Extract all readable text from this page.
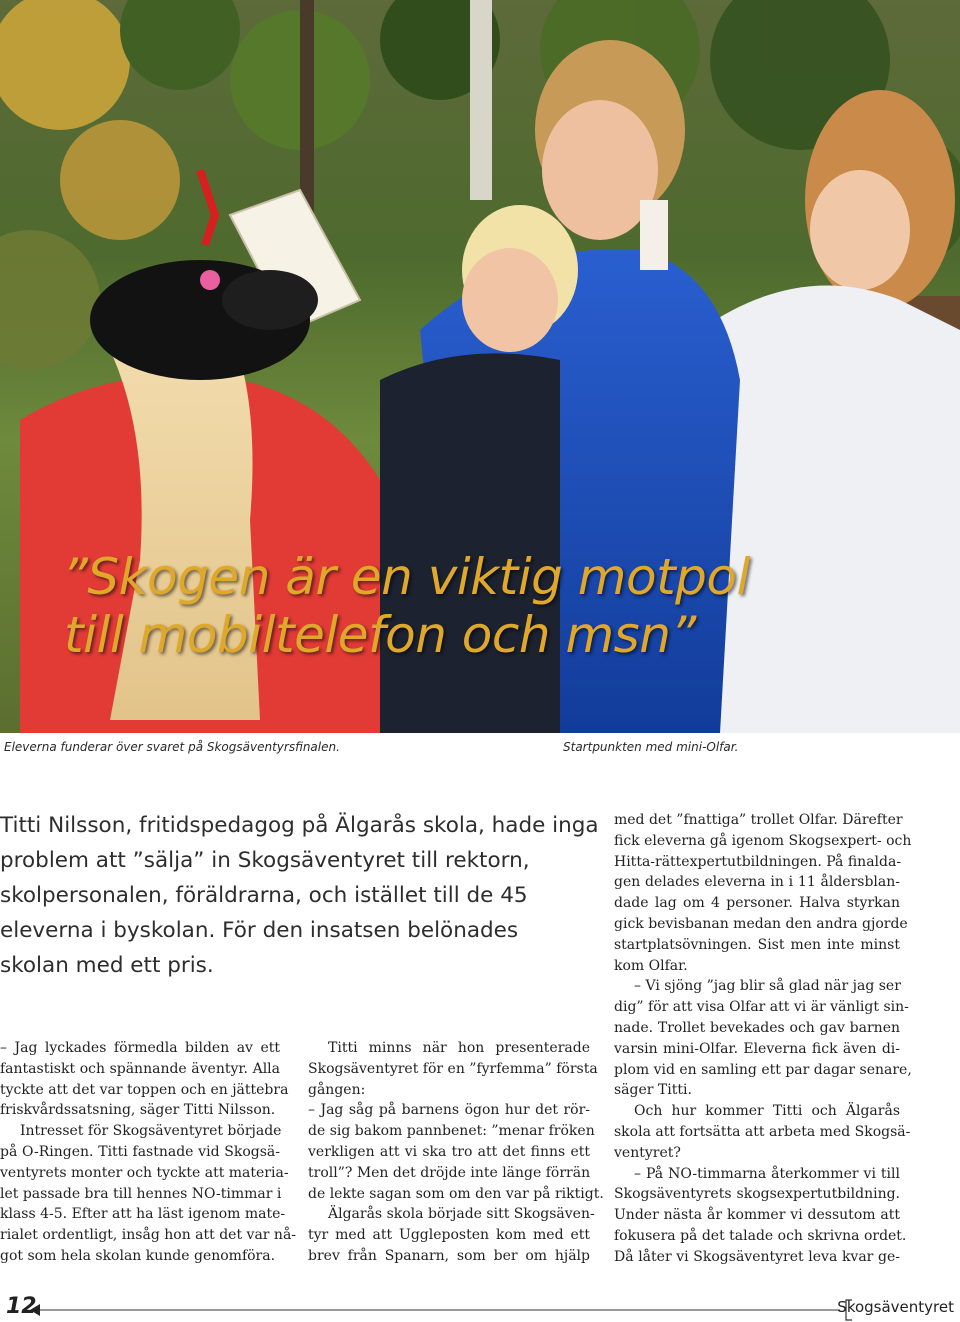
”Skogen är en viktig motpol
till mobiltelefon och msn”
Eleverna funderar över svaret på Skogsäventyrsfinalen.	Startpunkten med mini-Olfar.
Titti Nilsson, fritidspedagog på Älgarås skola, hade inga
problem att ”sälja” in Skogsäventyret till rektorn,
skolpersonalen, föräldrarna, och istället till de 45
eleverna i byskolan. För den insatsen belönades
skolan med ett pris.
– Jag lyckades förmedla bilden av ett
fantastiskt och spännande äventyr. Alla
tyckte att det var toppen och en jättebra
friskvårdssatsning, säger Titti Nilsson.
Intresset för Skogsäventyret började
på O-Ringen. Titti fastnade vid Skogsä-
ventyrets monter och tyckte att materia-
let passade bra till hennes NO-timmar i
klass 4-5. Efter att ha läst igenom mate-
rialet ordentligt, insåg hon att det var nå-
got som hela skolan kunde genomföra.
Titti minns när hon presenterade
Skogsäventyret för en ”fyrfemma” första
gången:
– Jag såg på barnens ögon hur det rör-
de sig bakom pannbenet: ”menar fröken
verkligen att vi ska tro att det finns ett
troll”? Men det dröjde inte länge förrän
de lekte sagan som om den var på riktigt.
Älgarås skola började sitt Skogsäven-
tyr med att Uggleposten kom med ett
brev från Spanarn, som ber om hjälp
med det ”fnattiga” trollet Olfar. Därefter
fick eleverna gå igenom Skogsexpert- och
Hitta-rättexpertutbildningen. På finalda-
gen delades eleverna in i 11 åldersblan-
dade lag om 4 personer. Halva styrkan
gick bevisbanan medan den andra gjorde
startplatsövningen. Sist men inte minst
kom Olfar.
– Vi sjöng ”jag blir så glad när jag ser
dig” för att visa Olfar att vi är vänligt sin-
nade. Trollet bevekades och gav barnen
varsin mini-Olfar. Eleverna fick även di-
plom vid en samling ett par dagar senare,
säger Titti.
Och hur kommer Titti och Älgarås
skola att fortsätta att arbeta med Skogsä-
ventyret?
– På NO-timmarna återkommer vi till
Skogsäventyrets skogsexpertutbildning.
Under nästa år kommer vi dessutom att
fokusera på det talade och skrivna ordet.
Då låter vi Skogsäventyret leva kvar ge-
12	Skogsäventyret
